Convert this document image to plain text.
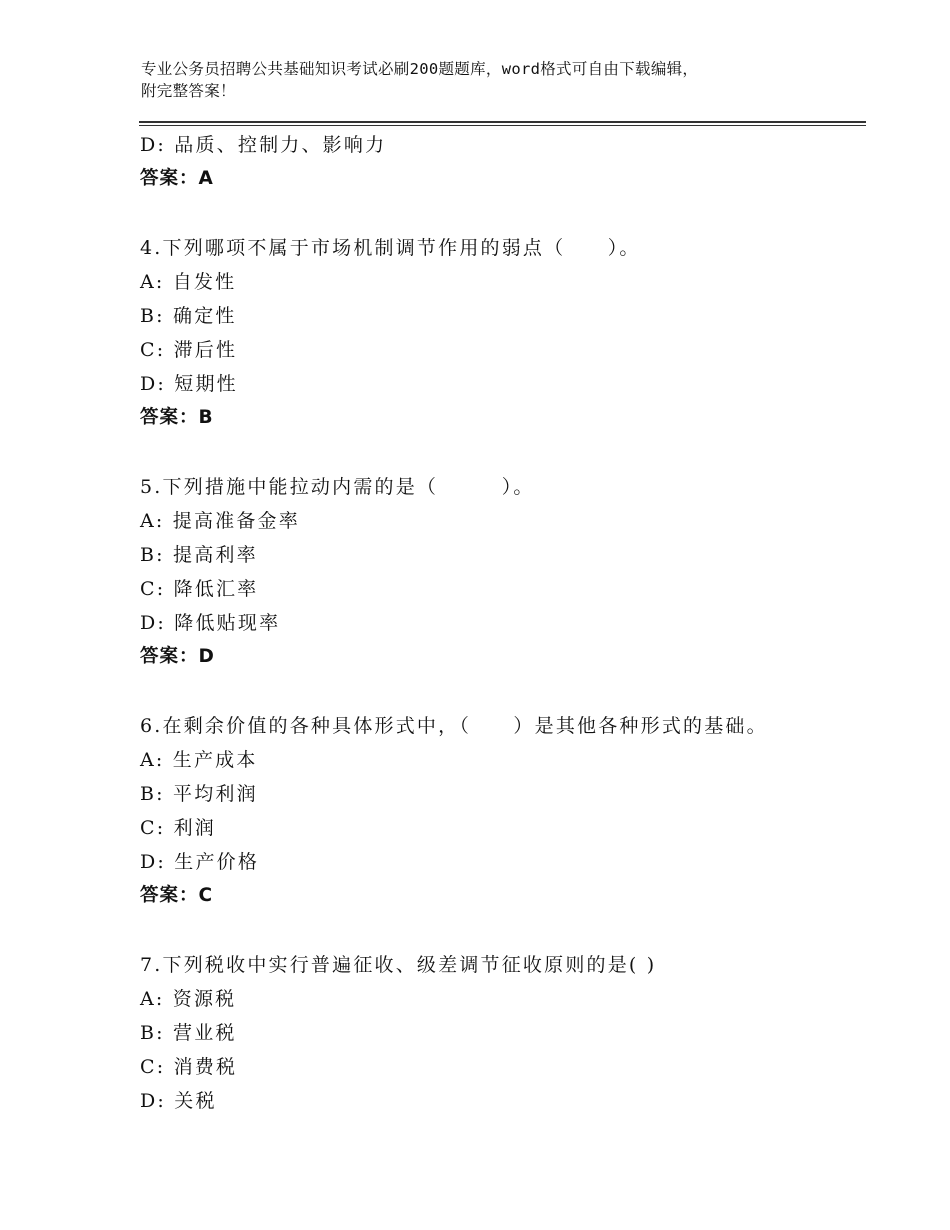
专业公务员招聘公共基础知识考试必刷200题题库，word格式可自由下载编辑，
附完整答案！
D: 品质、控制力、影响力
答案：A
4.下列哪项不属于市场机制调节作用的弱点（　　）。
A: 自发性
B: 确定性
C: 滞后性
D: 短期性
答案：B
5.下列措施中能拉动内需的是（　　　）。
A: 提高准备金率
B: 提高利率
C: 降低汇率
D: 降低贴现率
答案：D
6.在剩余价值的各种具体形式中，（　　）是其他各种形式的基础。
A: 生产成本
B: 平均利润
C: 利润
D: 生产价格
答案：C
7.下列税收中实行普遍征收、级差调节征收原则的是( )
A: 资源税
B: 营业税
C: 消费税
D: 关税
